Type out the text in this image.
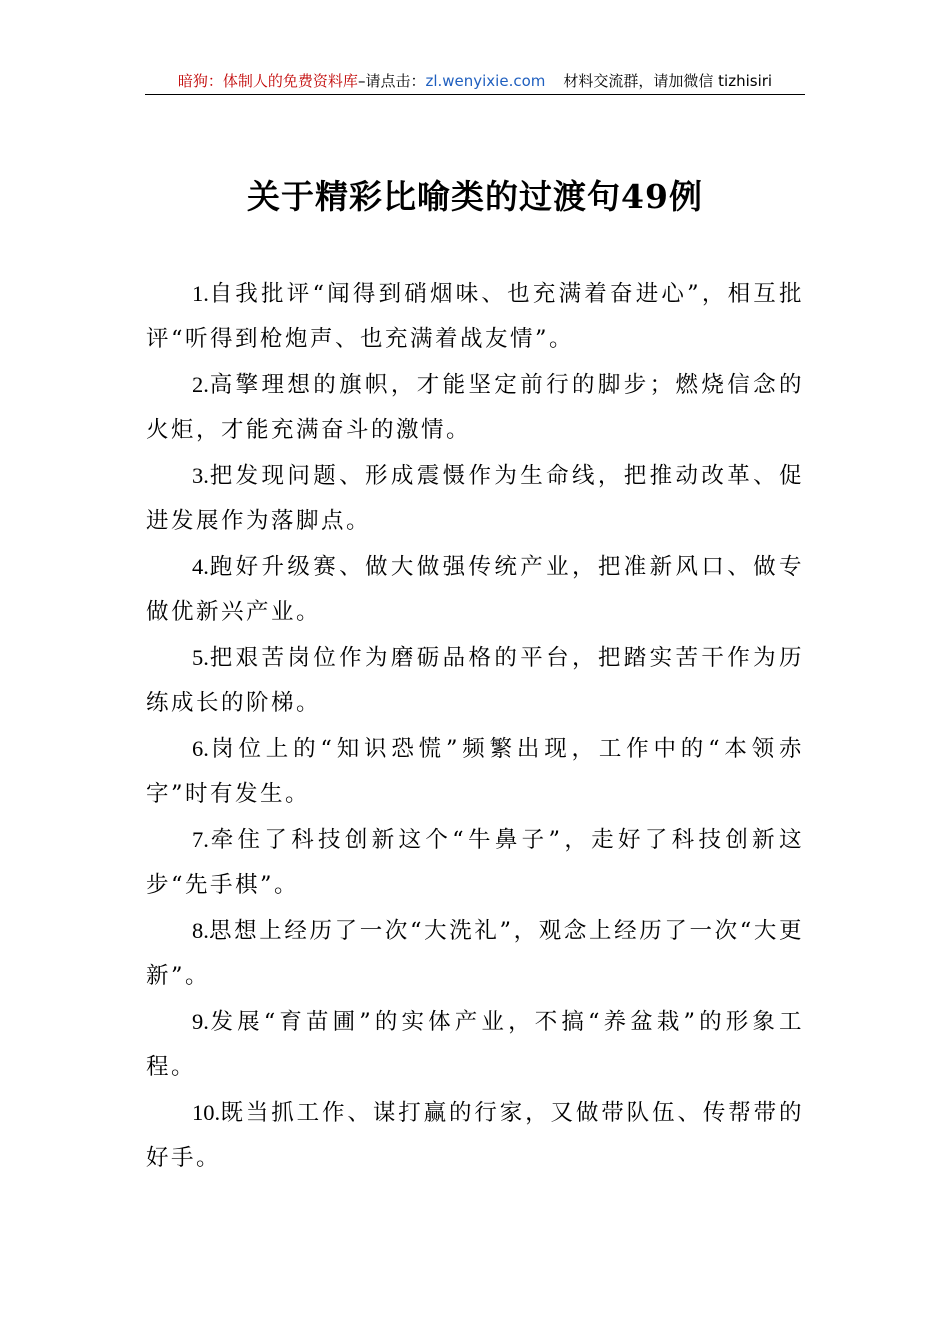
暗狗：体制人的免费资料库–请点击：zl.wenyixie.com 材料交流群，请加微信 tizhisiri
关于精彩比喻类的过渡句49例

1.自我批评“闻得到硝烟味、也充满着奋进心”，相互批评“听得到枪炮声、也充满着战友情”。

2.高擎理想的旗帜，才能坚定前行的脚步；燃烧信念的火炬，才能充满奋斗的激情。

3.把发现问题、形成震慑作为生命线，把推动改革、促进发展作为落脚点。

4.跑好升级赛、做大做强传统产业，把准新风口、做专做优新兴产业。

5.把艰苦岗位作为磨砺品格的平台，把踏实苦干作为历练成长的阶梯。

6.岗位上的“知识恐慌”频繁出现，工作中的“本领赤字”时有发生。

7.牵住了科技创新这个“牛鼻子”，走好了科技创新这步“先手棋”。

8.思想上经历了一次“大洗礼”，观念上经历了一次“大更新”。

9.发展“育苗圃”的实体产业，不搞“养盆栽”的形象工程。

10.既当抓工作、谋打赢的行家，又做带队伍、传帮带的好手。
